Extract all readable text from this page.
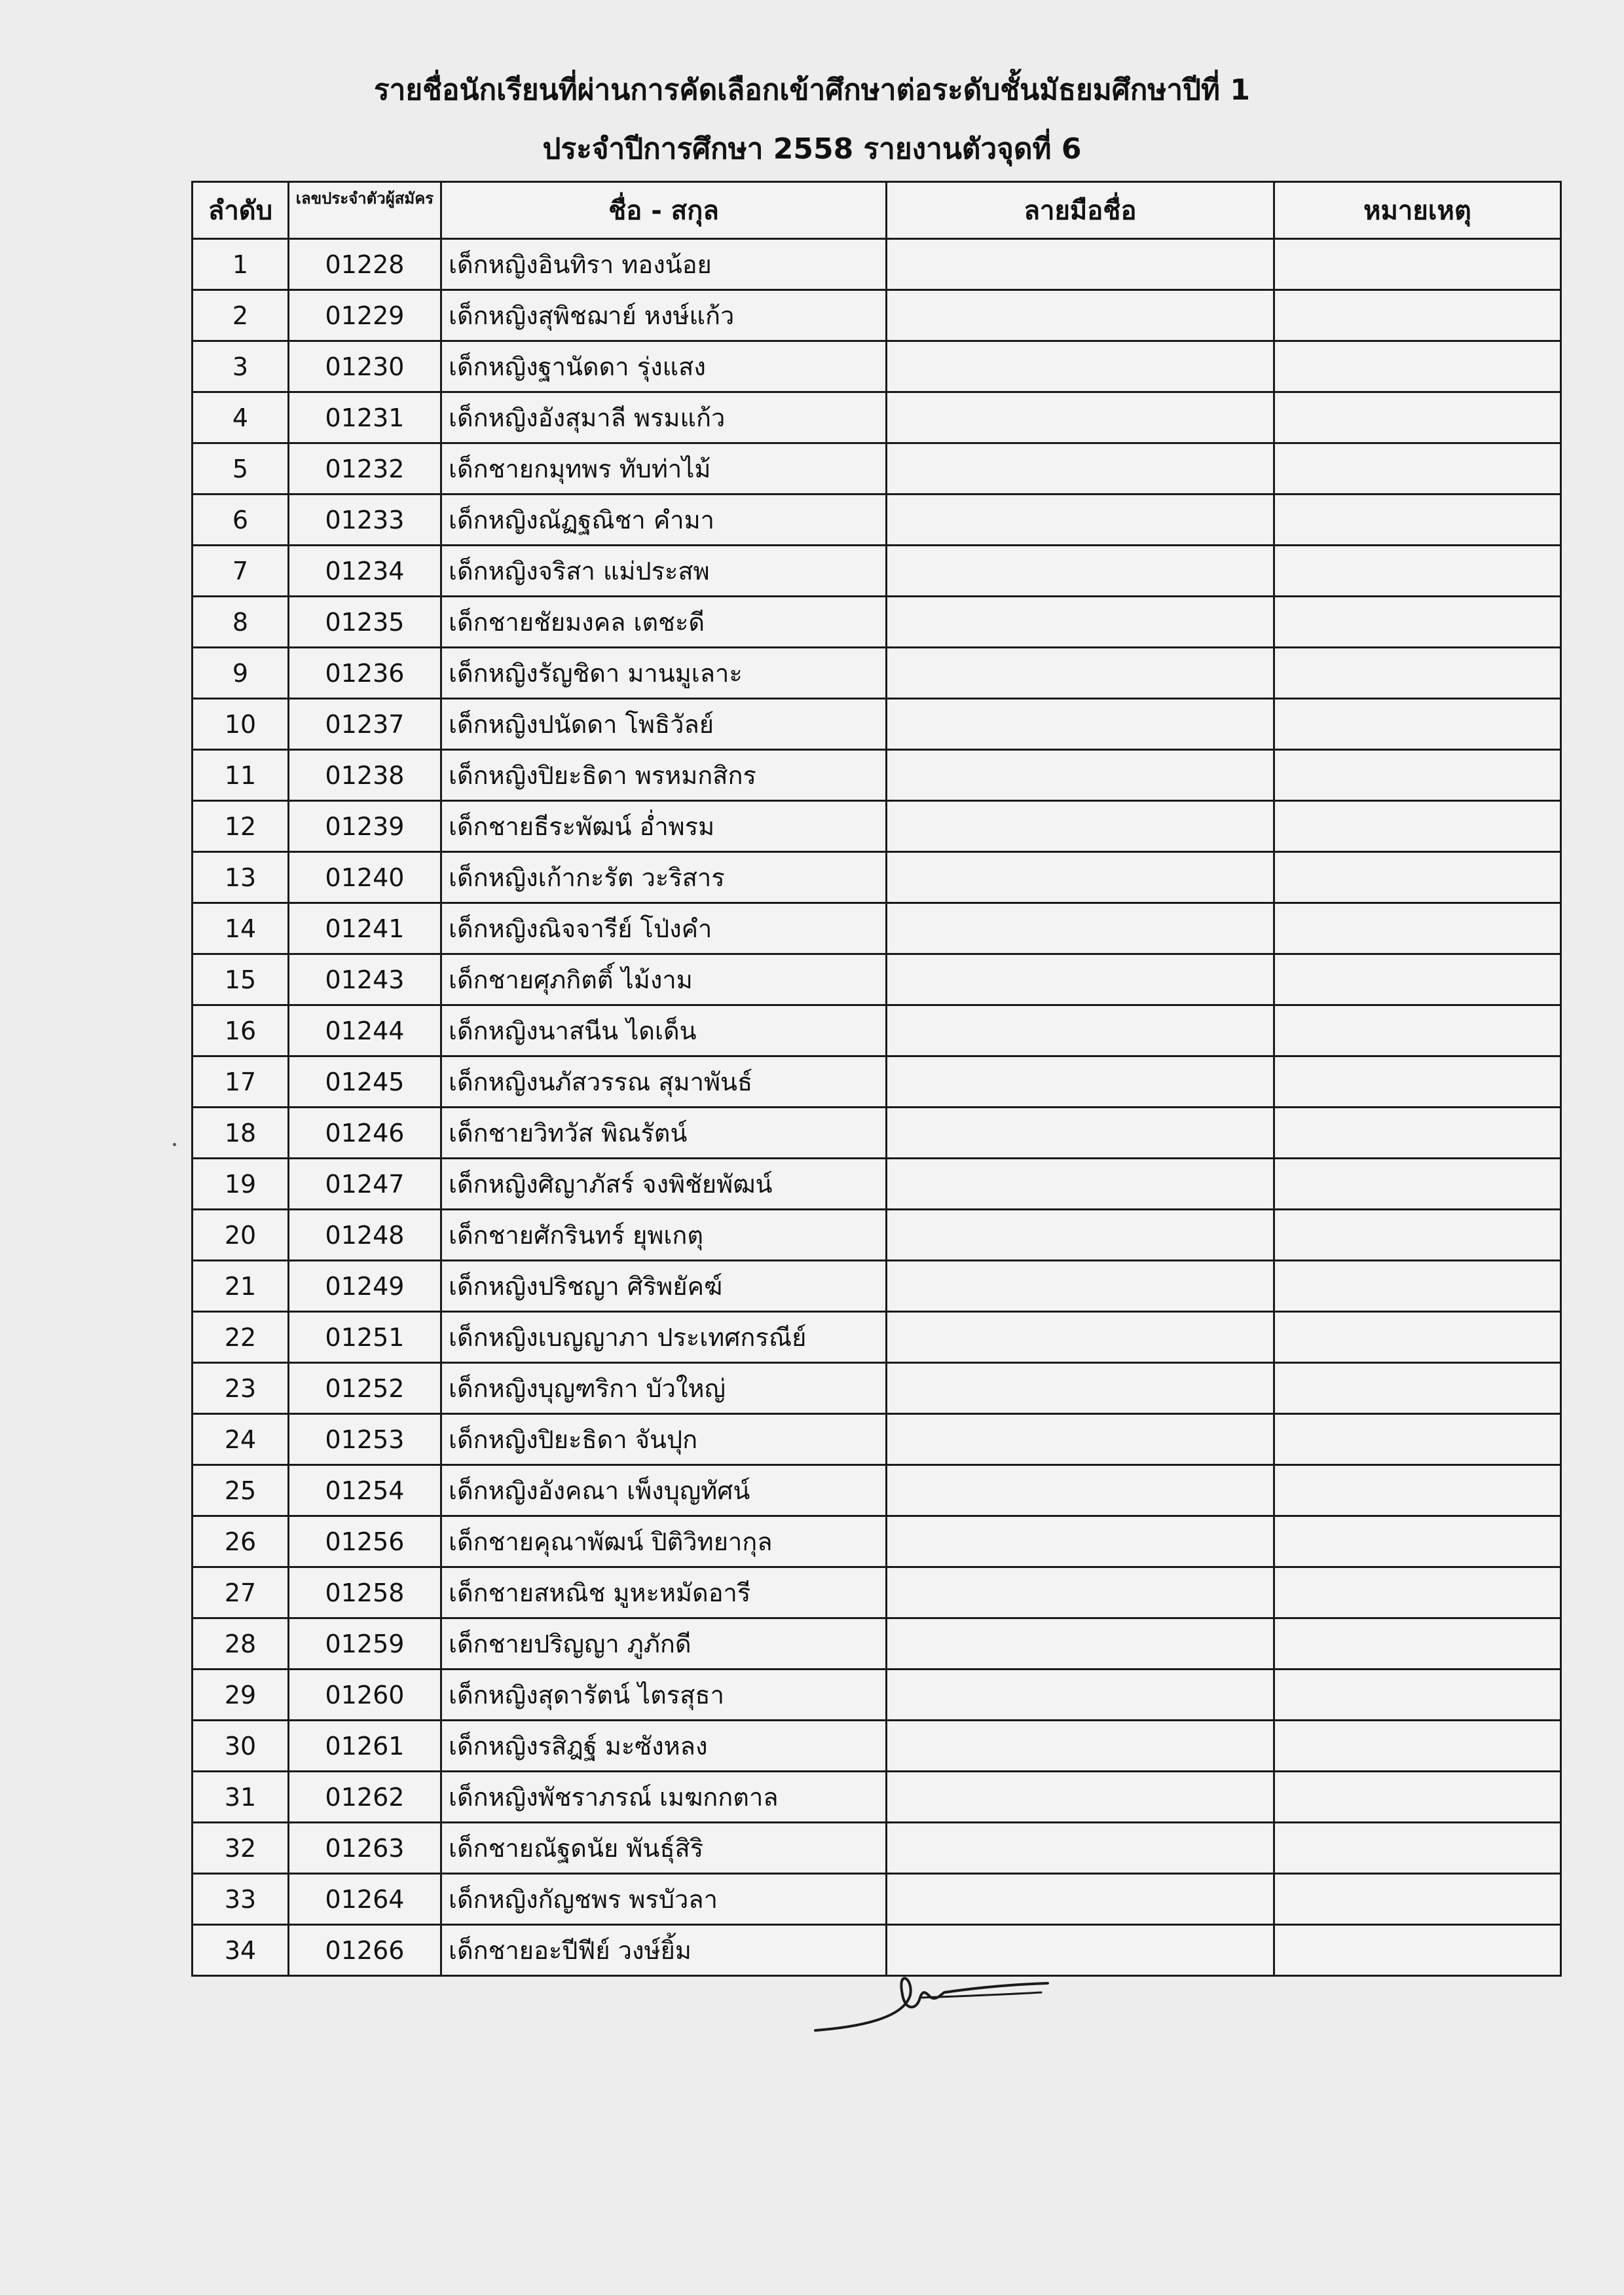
รายชื่อนักเรียนที่ผ่านการคัดเลือกเข้าศึกษาต่อระดับชั้นมัธยมศึกษาปีที่ 1
ประจำปีการศึกษา 2558 รายงานตัวจุดที่ 6
ลำดับ	เลขประจำตัวผู้สมัคร	ชื่อ - สกุล	ลายมือชื่อ	หมายเหตุ
1	01228	เด็กหญิงอินทิรา ทองน้อย		
2	01229	เด็กหญิงสุพิชฌาย์ หงษ์แก้ว		
3	01230	เด็กหญิงฐานัดดา รุ่งแสง		
4	01231	เด็กหญิงอังสุมาลี พรมแก้ว		
5	01232	เด็กชายกมุทพร ทับท่าไม้		
6	01233	เด็กหญิงณัฏฐณิชา คำมา		
7	01234	เด็กหญิงจริสา แม่ประสพ		
8	01235	เด็กชายชัยมงคล เตชะดี		
9	01236	เด็กหญิงรัญชิดา มานมูเลาะ		
10	01237	เด็กหญิงปนัดดา โพธิวัลย์		
11	01238	เด็กหญิงปิยะธิดา พรหมกสิกร		
12	01239	เด็กชายธีระพัฒน์ อ่ำพรม		
13	01240	เด็กหญิงเก้ากะรัต วะริสาร		
14	01241	เด็กหญิงณิจจารีย์ โป่งคำ		
15	01243	เด็กชายศุภกิตติ์ ไม้งาม		
16	01244	เด็กหญิงนาสนีน ไดเด็น		
17	01245	เด็กหญิงนภัสวรรณ สุมาพันธ์		
18	01246	เด็กชายวิทวัส พิณรัตน์		
19	01247	เด็กหญิงศิญาภัสร์ จงพิชัยพัฒน์		
20	01248	เด็กชายศักรินทร์ ยุพเกตุ		
21	01249	เด็กหญิงปริชญา ศิริพยัคฆ์		
22	01251	เด็กหญิงเบญญาภา ประเทศกรณีย์		
23	01252	เด็กหญิงบุญฑริกา บัวใหญ่		
24	01253	เด็กหญิงปิยะธิดา จันปุก		
25	01254	เด็กหญิงอังคณา เพ็งบุญทัศน์		
26	01256	เด็กชายคุณาพัฒน์ ปิติวิทยากุล		
27	01258	เด็กชายสหณิช มูหะหมัดอารี		
28	01259	เด็กชายปริญญา ภูภักดี		
29	01260	เด็กหญิงสุดารัตน์ ไตรสุธา		
30	01261	เด็กหญิงรสิฎฐ์ มะซังหลง		
31	01262	เด็กหญิงพัชราภรณ์ เมฆกกตาล		
32	01263	เด็กชายณัฐดนัย พันธุ์สิริ		
33	01264	เด็กหญิงกัญชพร พรบัวลา		
34	01266	เด็กชายอะปีฟีย์ วงษ์ยิ้ม		
